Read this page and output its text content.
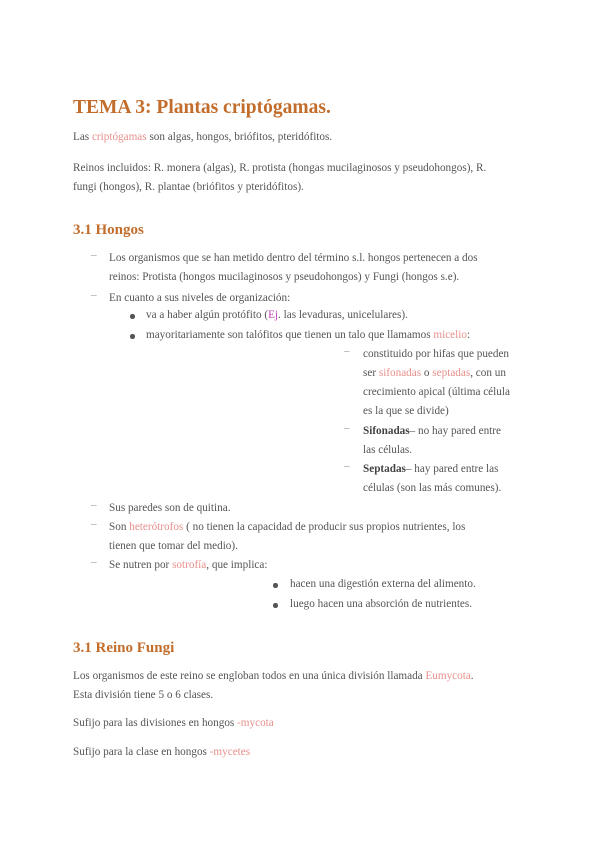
TEMA 3: Plantas criptógamas.
Las criptógamas son algas, hongos, briófitos, pteridófitos.
Reinos incluidos: R. monera (algas), R. protista (hongas mucilaginosos y pseudohongos), R.
fungi (hongos), R. plantae (briófitos y pteridófitos).
3.1 Hongos
– Los organismos que se han metido dentro del término s.l. hongos pertenecen a dos
reinos: Protista (hongos mucilaginosos y pseudohongos) y Fungi (hongos s.e).
– En cuanto a sus niveles de organización:
va a haber algún protófito (Ej. las levaduras, unicelulares).
mayoritariamente son talófitos que tienen un talo que llamamos micelio:
– constituido por hifas que pueden
ser sifonadas o septadas, con un
crecimiento apical (última célula
es la que se divide)
– Sifonadas– no hay pared entre
las células.
– Septadas– hay pared entre las
células (son las más comunes).
– Sus paredes son de quitina.
– Son heterótrofos ( no tienen la capacidad de producir sus propios nutrientes, los
tienen que tomar del medio).
– Se nutren por sotrofía, que implica:
hacen una digestión externa del alimento.
luego hacen una absorción de nutrientes.
3.1 Reino Fungi
Los organismos de este reino se engloban todos en una única división llamada Eumycota.
Esta división tiene 5 o 6 clases.
Sufijo para las divisiones en hongos -mycota
Sufijo para la clase en hongos -mycetes
